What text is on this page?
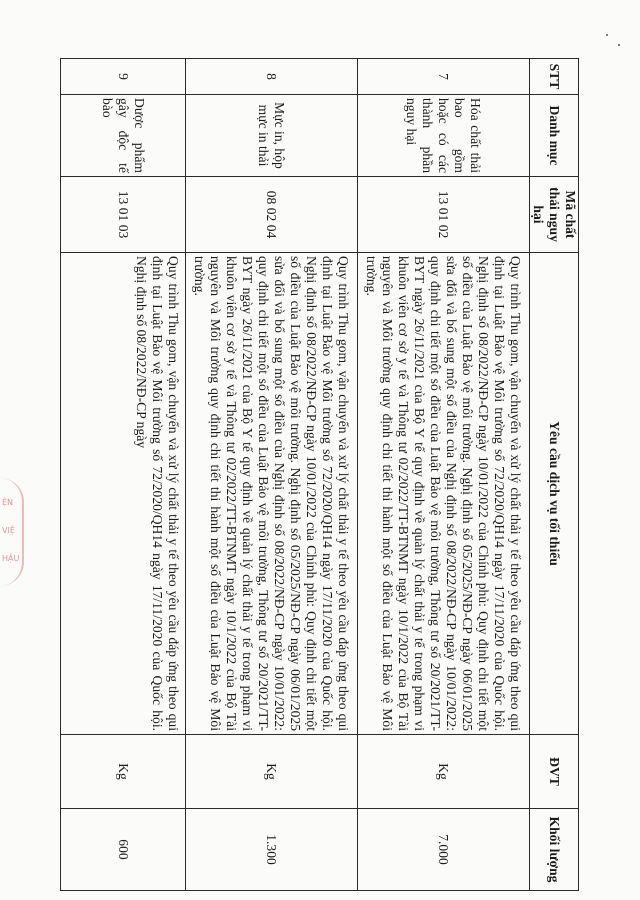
ỆN
VIỆ
HẬU
STT	Danh mục	Mã chất thải nguy hại	Yêu cầu dịch vụ tối thiểu	ĐVT	Khối lượng
7	Hóa chất thải bao gồm hoặc có các thành phần nguy hại	13 01 02	Quy trình Thu gom, vận chuyển và xử lý chất thải y tế theo yêu cầu đáp ứng theo qui định tại Luật Bảo vệ Môi trường số 72/2020/QH14 ngày 17/11/2020 của Quốc hội. Nghị định số 08/2022/NĐ-CP ngày 10/01/2022 của Chính phủ: Quy định chi tiết một số điều của Luật Bảo vệ môi trường. Nghị định số 05/2025/NĐ-CP ngày 06/01/2025 sửa đổi và bổ sung một số điều của Nghị định số 08/2022/NĐ-CP ngày 10/01/2022: quy định chi tiết một số điều của Luật Bảo vệ môi trường, Thông tư số 20/2021/TT-BYT ngày 26/11/2021 của Bộ Y tế quy định về quản lý chất thải y tế trong phạm vi khuôn viên cơ sở y tế và Thông tư 02/2022/TT-BTNMT ngày 10/1/2022 của Bộ Tài nguyên và Môi trường quy định chi tiết thi hành một số điều của Luật Bảo vệ Môi trường.	Kg	7.000
8	Mực in, hộp mực in thải	08 02 04	Quy trình Thu gom, vận chuyển và xử lý chất thải y tế theo yêu cầu đáp ứng theo qui định tại Luật Bảo vệ Môi trường số 72/2020/QH14 ngày 17/11/2020 của Quốc hội. Nghị định số 08/2022/NĐ-CP ngày 10/01/2022 của Chính phủ: Quy định chi tiết một số điều của Luật Bảo vệ môi trường. Nghị định số 05/2025/NĐ-CP ngày 06/01/2025 sửa đổi và bổ sung một số điều của Nghị định số 08/2022/NĐ-CP ngày 10/01/2022: quy định chi tiết một số điều của Luật Bảo vệ môi trường, Thông tư số 20/2021/TT-BYT ngày 26/11/2021 của Bộ Y tế quy định về quản lý chất thải y tế trong phạm vi khuôn viên cơ sở y tế và Thông tư 02/2022/TT-BTNMT ngày 10/1/2022 của Bộ Tài nguyên và Môi trường quy định chi tiết thi hành một số điều của Luật Bảo vệ Môi trường.	Kg	1.300
9	Dược phẩm gây độc tế bào	13 01 03	Quy trình Thu gom, vận chuyển và xử lý chất thải y tế theo yêu cầu đáp ứng theo qui định tại Luật Bảo vệ Môi trường số 72/2020/QH14 ngày 17/11/2020 của Quốc hội. Nghị định số 08/2022/NĐ-CP ngày	Kg	600
